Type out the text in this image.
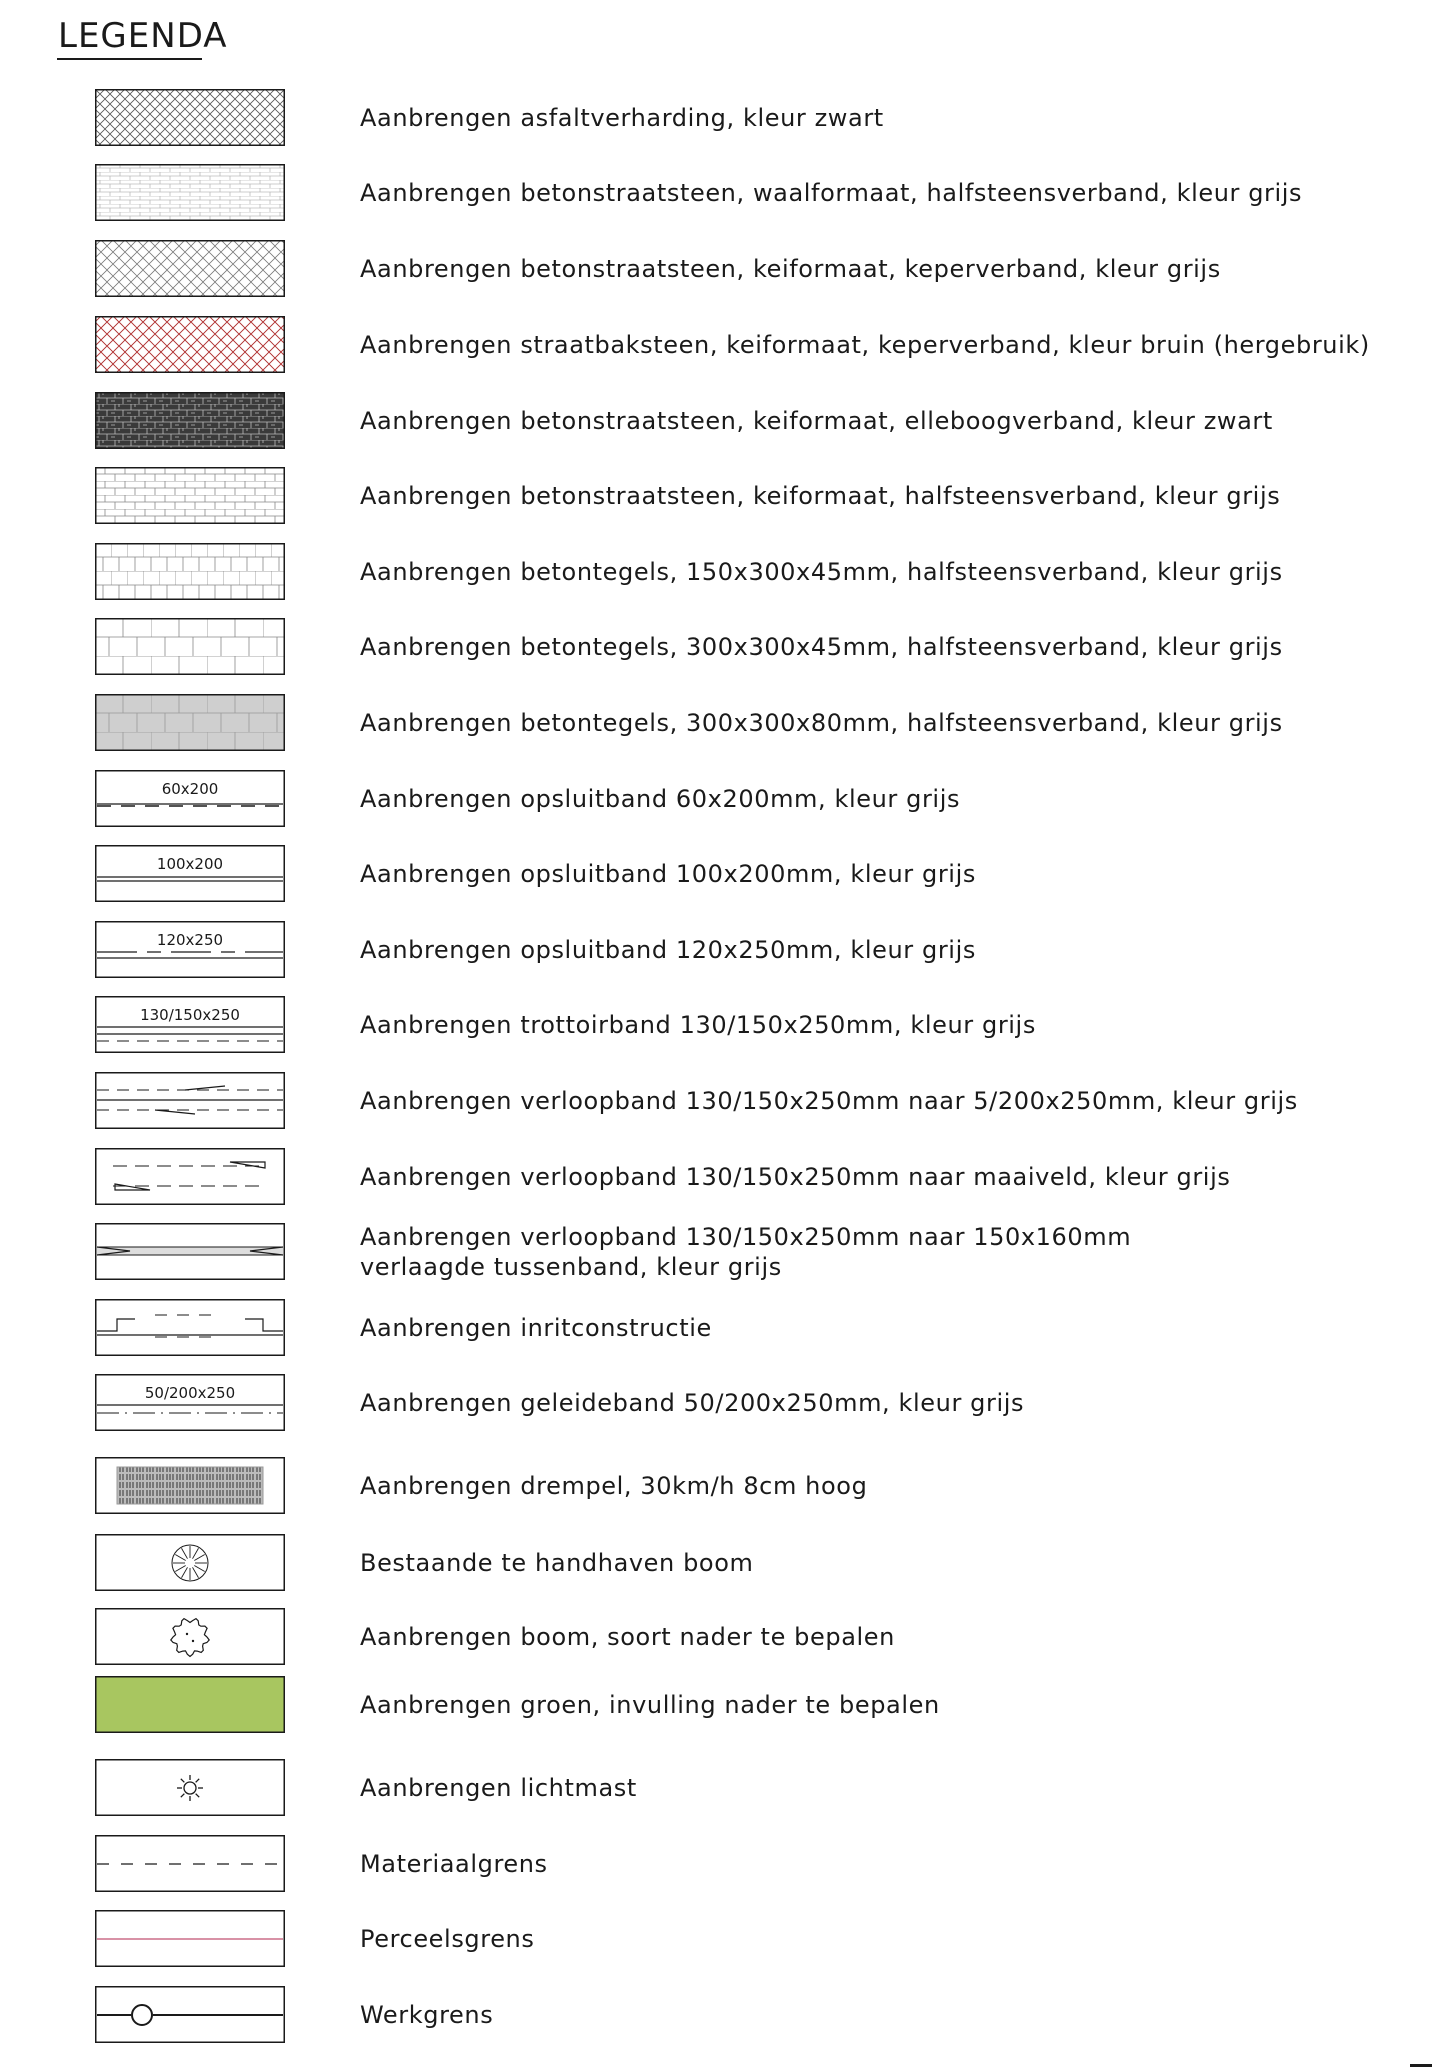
LEGENDA
Aanbrengen asfaltverharding, kleur zwart
Aanbrengen betonstraatsteen, waalformaat, halfsteensverband, kleur grijs
Aanbrengen betonstraatsteen, keiformaat, keperverband, kleur grijs
Aanbrengen straatbaksteen, keiformaat, keperverband, kleur bruin (hergebruik)
Aanbrengen betonstraatsteen, keiformaat, elleboogverband, kleur zwart
Aanbrengen betonstraatsteen, keiformaat, halfsteensverband, kleur grijs
Aanbrengen betontegels, 150x300x45mm, halfsteensverband, kleur grijs
Aanbrengen betontegels, 300x300x45mm, halfsteensverband, kleur grijs
Aanbrengen betontegels, 300x300x80mm, halfsteensverband, kleur grijs
60x200	Aanbrengen opsluitband 60x200mm, kleur grijs
100x200	Aanbrengen opsluitband 100x200mm, kleur grijs
120x250	Aanbrengen opsluitband 120x250mm, kleur grijs
130/150x250	Aanbrengen trottoirband 130/150x250mm, kleur grijs
Aanbrengen verloopband 130/150x250mm naar 5/200x250mm, kleur grijs
Aanbrengen verloopband 130/150x250mm naar maaiveld, kleur grijs
Aanbrengen verloopband 130/150x250mm naar 150x160mm
verlaagde tussenband, kleur grijs
Aanbrengen inritconstructie
50/200x250	Aanbrengen geleideband 50/200x250mm, kleur grijs
Aanbrengen drempel, 30km/h 8cm hoog
Bestaande te handhaven boom
Aanbrengen boom, soort nader te bepalen
Aanbrengen groen, invulling nader te bepalen
Aanbrengen lichtmast
Materiaalgrens
Perceelsgrens
Werkgrens
